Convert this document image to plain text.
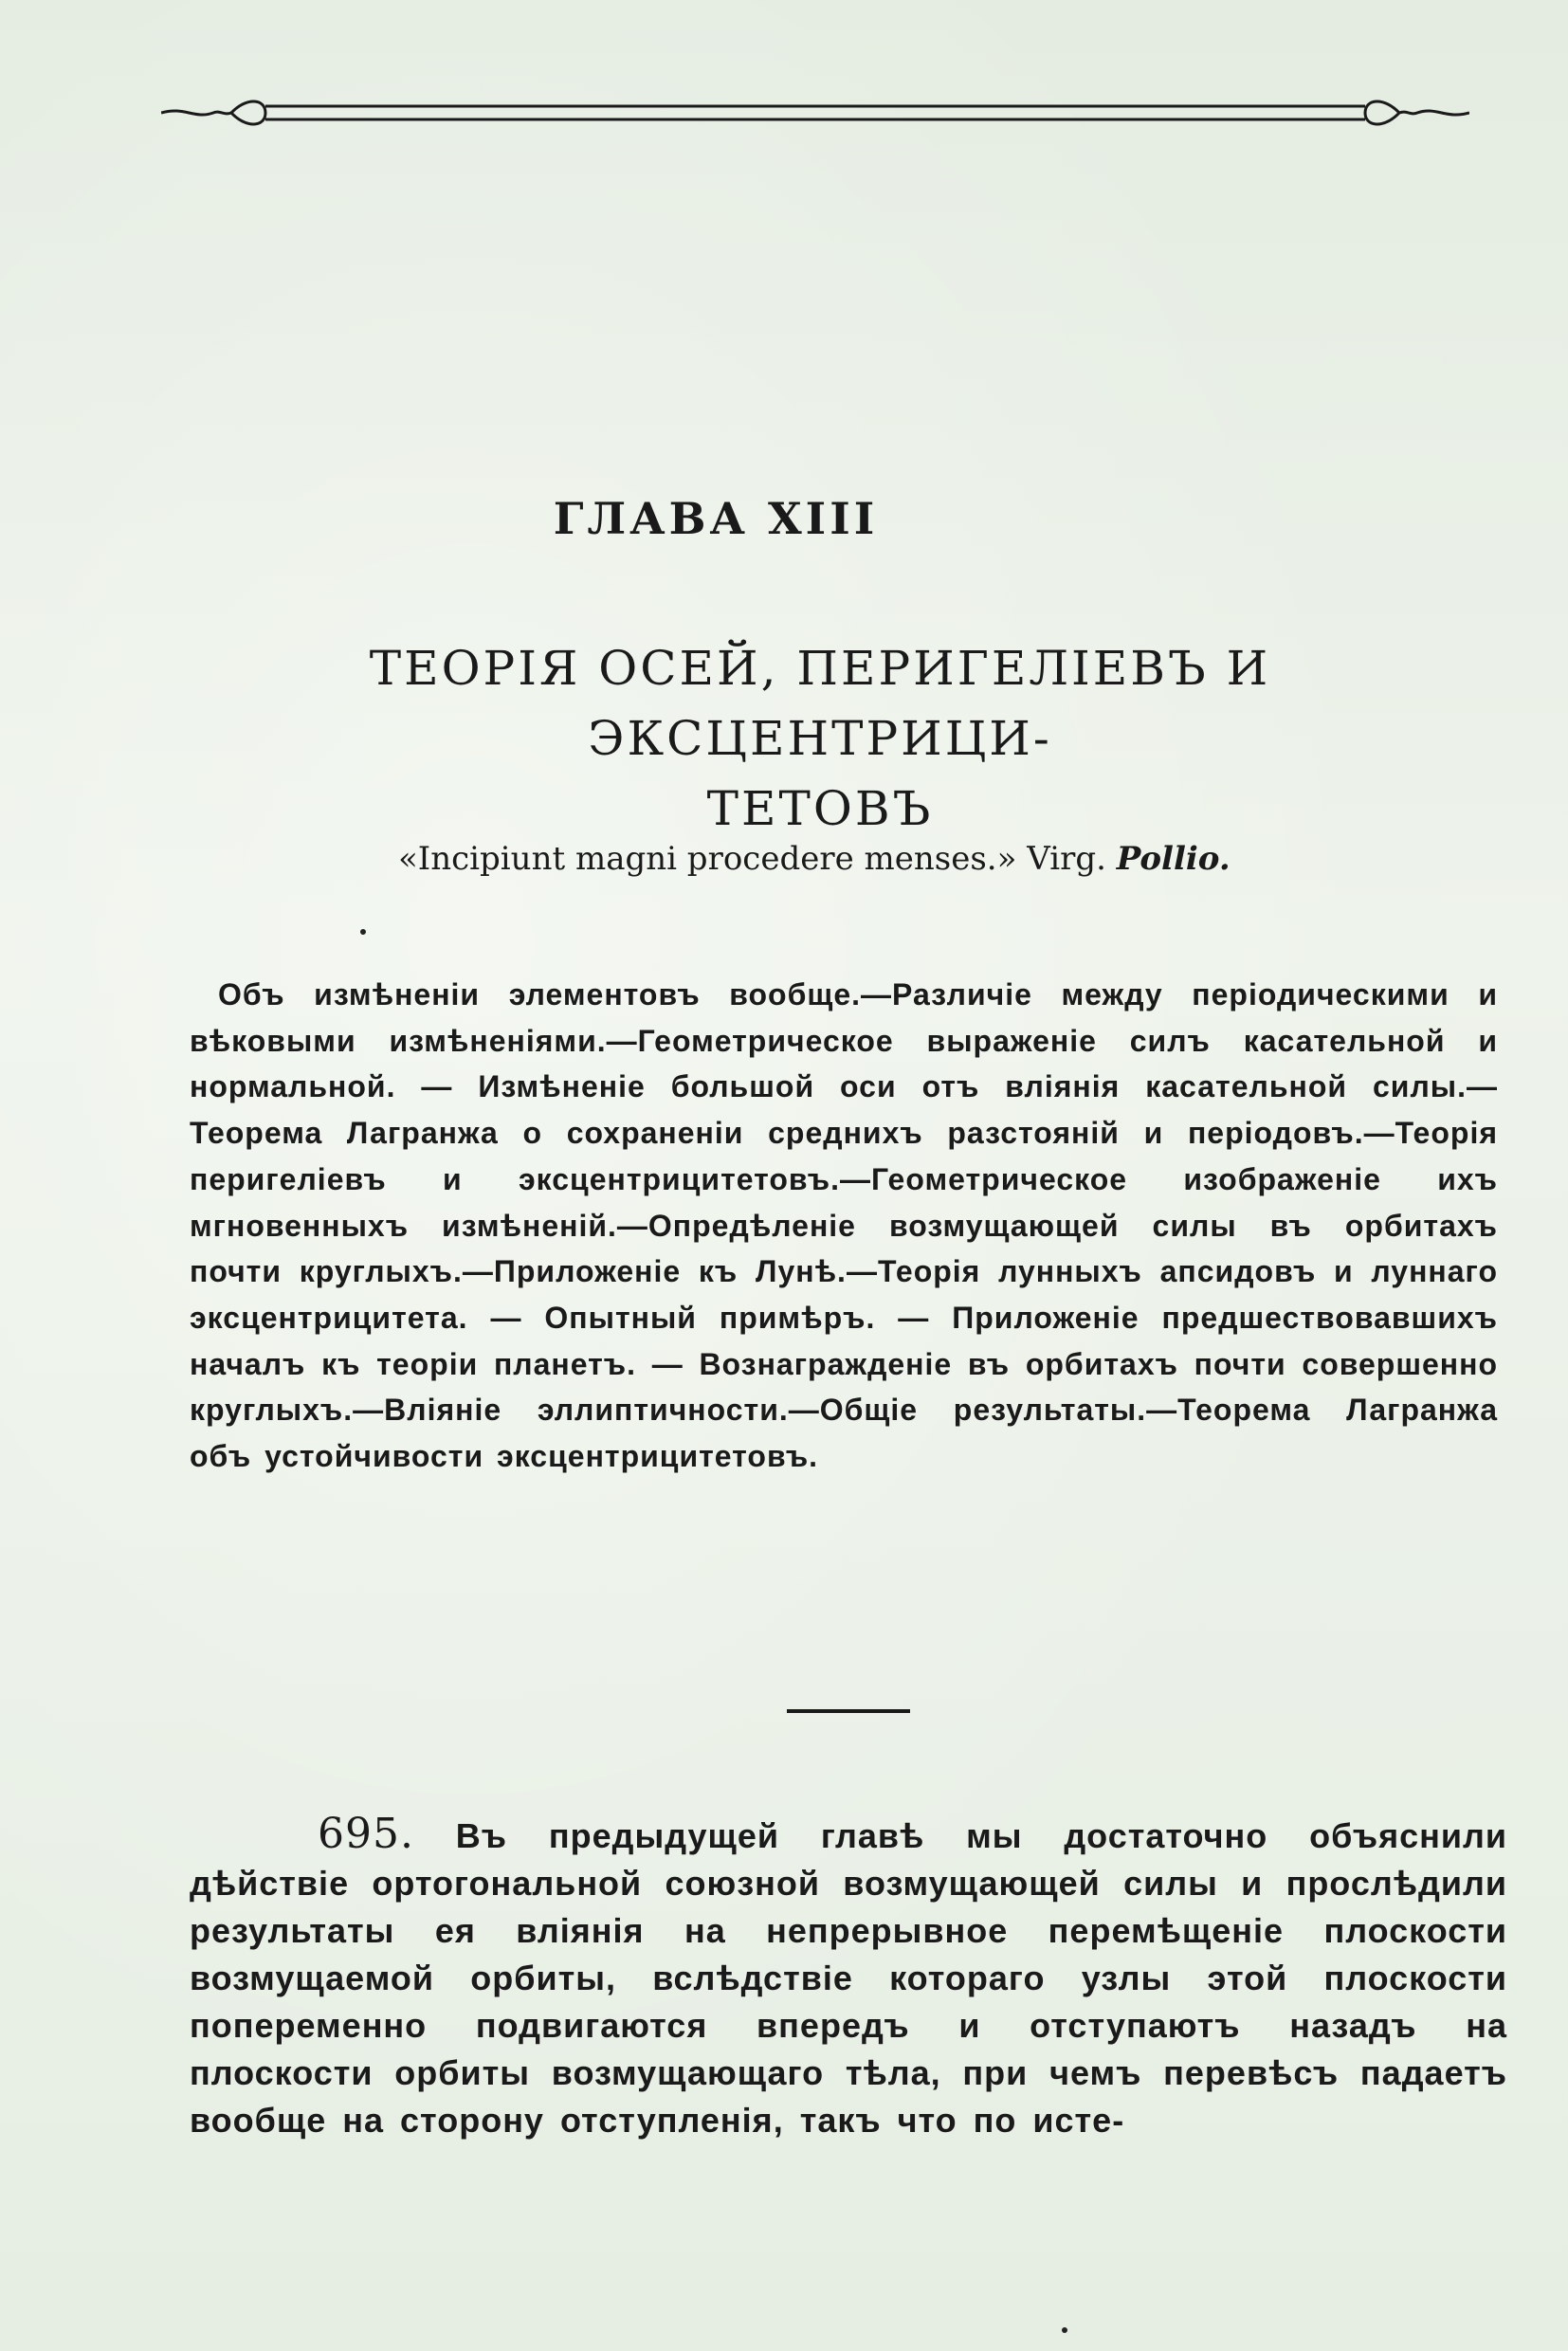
ГЛАВА XIII
ТЕОРІЯ ОСЕЙ, ПЕРИГЕЛІЕВЪ И ЭКСЦЕНТРИЦИ-
ТЕТОВЪ
«Incipiunt magni procedere menses.» Virg. Pollio.
Объ измѣненіи элементовъ вообще.—Различіе между періодическими и вѣковыми измѣненіями.—Геометрическое выраженіе силъ касательной и нормальной. — Измѣненіе большой оси отъ вліянія касательной силы.—Теорема Лагранжа о сохраненіи среднихъ разстояній и періодовъ.—Теорія перигеліевъ и эксцентрицитетовъ.—Геометрическое изображеніе ихъ мгновенныхъ измѣненій.—Опредѣленіе возмущающей силы въ орбитахъ почти круглыхъ.—Приложеніе къ Лунѣ.—Теорія лунныхъ апсидовъ и луннаго эксцентрицитета. — Опытный примѣръ. — Приложеніе предшествовавшихъ началъ къ теоріи планетъ. — Вознагражденіе въ орбитахъ почти совершенно круглыхъ.—Вліяніе эллиптичности.—Общіе результаты.—Теорема Лагранжа объ устойчивости эксцентрицитетовъ.
695. Въ предыдущей главѣ мы достаточно объяснили дѣйствіе ортогональной союзной возмущающей силы и прослѣдили результаты ея вліянія на непрерывное перемѣщеніе плоскости возмущаемой орбиты, вслѣдствіе котораго узлы этой плоскости попеременно подвигаются впередъ и отступаютъ назадъ на плоскости орбиты возмущающаго тѣла, при чемъ перевѣсъ падаетъ вообще на сторону отступленія, такъ что по исте-
